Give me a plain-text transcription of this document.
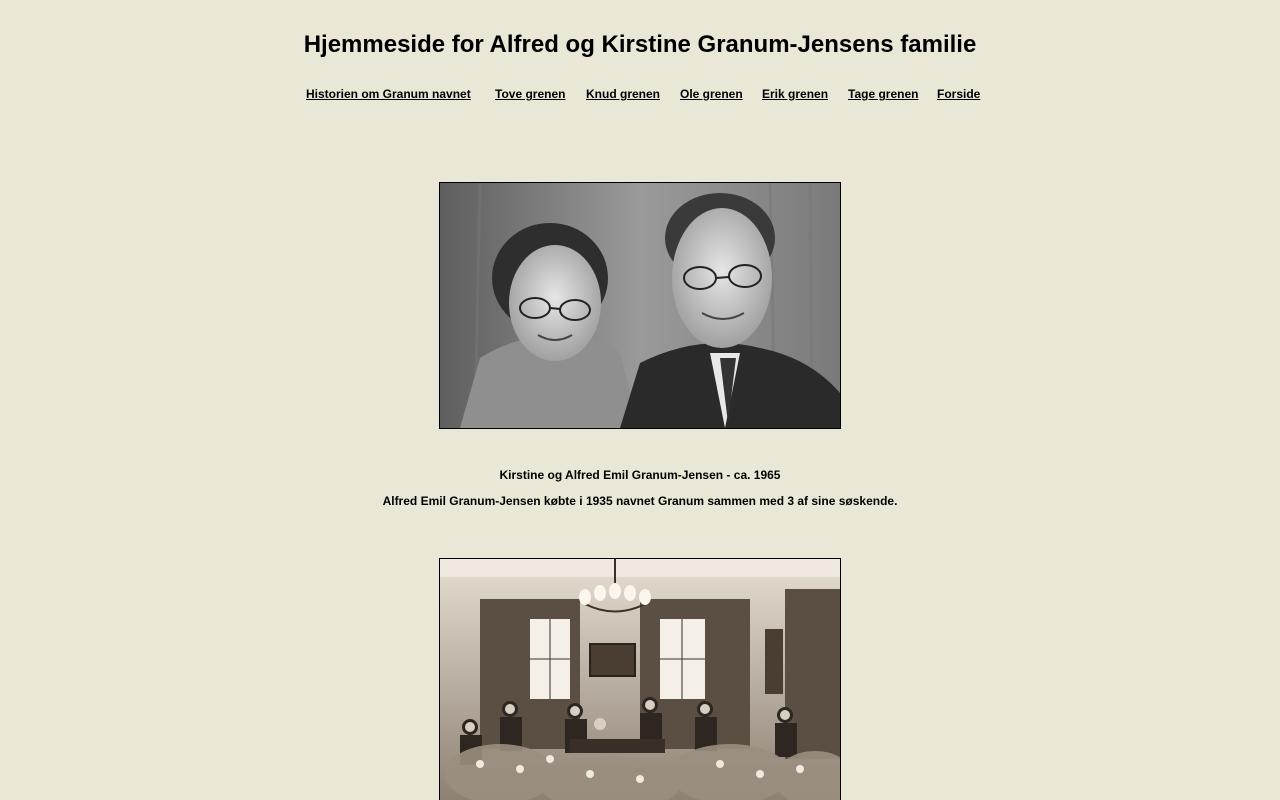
Hjemmeside for Alfred og Kirstine Granum-Jensens familie
Historien om Granum navnet Tove grenen Knud grenen Ole grenen Erik grenen Tage grenen Forside
Kirstine og Alfred Emil Granum-Jensen - ca. 1965
Alfred Emil Granum-Jensen købte i 1935 navnet Granum sammen med 3 af sine søskende.
